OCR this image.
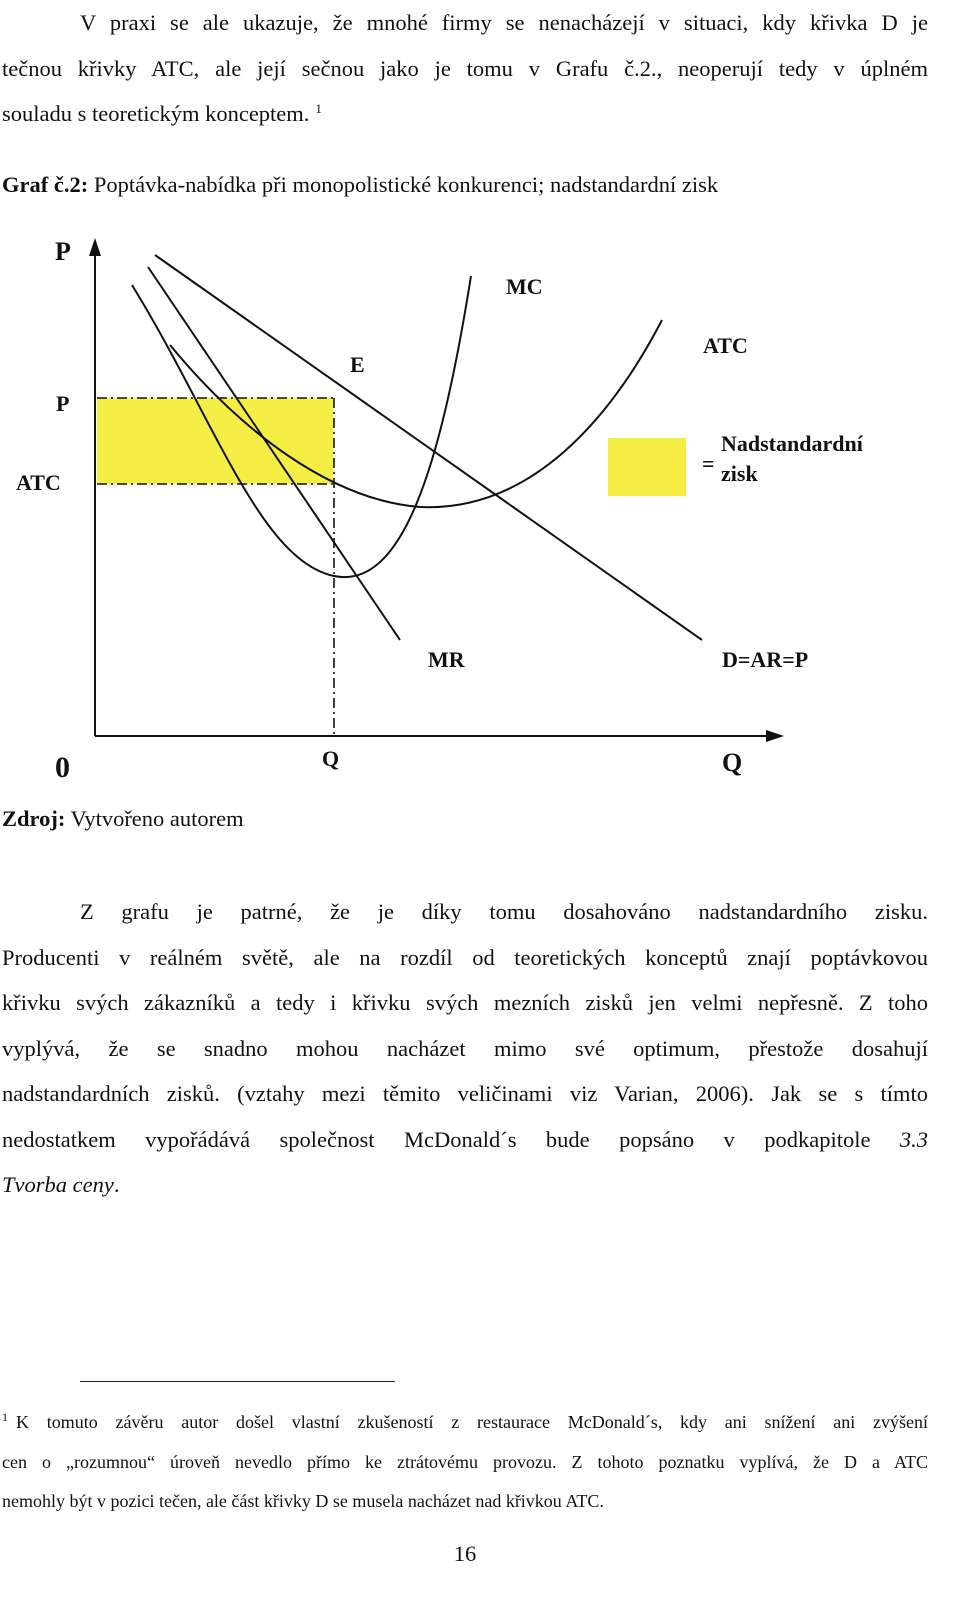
V praxi se ale ukazuje, že mnohé firmy se nenacházejí v situaci, kdy křivka D je
tečnou křivky ATC, ale její sečnou jako je tomu v Grafu č.2., neoperují tedy v úplném
souladu s teoretickým konceptem. $^1$

Graf č.2: Poptávka-nabídka při monopolistické konkurenci; nadstandardní zisk

P
P
ATC
MC
ATC
E
=
Nadstandardní
zisk
MR	D=AR=P
0	Q	Q

Zdroj: Vytvořeno autorem

Z grafu je patrné, že je díky tomu dosahováno nadstandardního zisku.
Producenti v reálném světě, ale na rozdíl od teoretických konceptů znají poptávkovou
křivku svých zákazníků a tedy i křivku svých mezních zisků jen velmi nepřesně. Z toho
vyplývá, že se snadno mohou nacházet mimo své optimum, přestože dosahují
nadstandardních zisků. (vztahy mezi těmito veličinami viz Varian, 2006). Jak se s tímto
nedostatkem vypořádává společnost McDonald´s bude popsáno v podkapitole 3.3
Tvorba ceny.

$^1$ K tomuto závěru autor došel vlastní zkušeností z restaurace McDonald´s, kdy ani snížení ani zvýšení
cen o „rozumnou“ úroveň nevedlo přímo ke ztrátovému provozu. Z tohoto poznatku vyplívá, že D a ATC
nemohly být v pozici tečen, ale část křivky D se musela nacházet nad křivkou ATC.

16
